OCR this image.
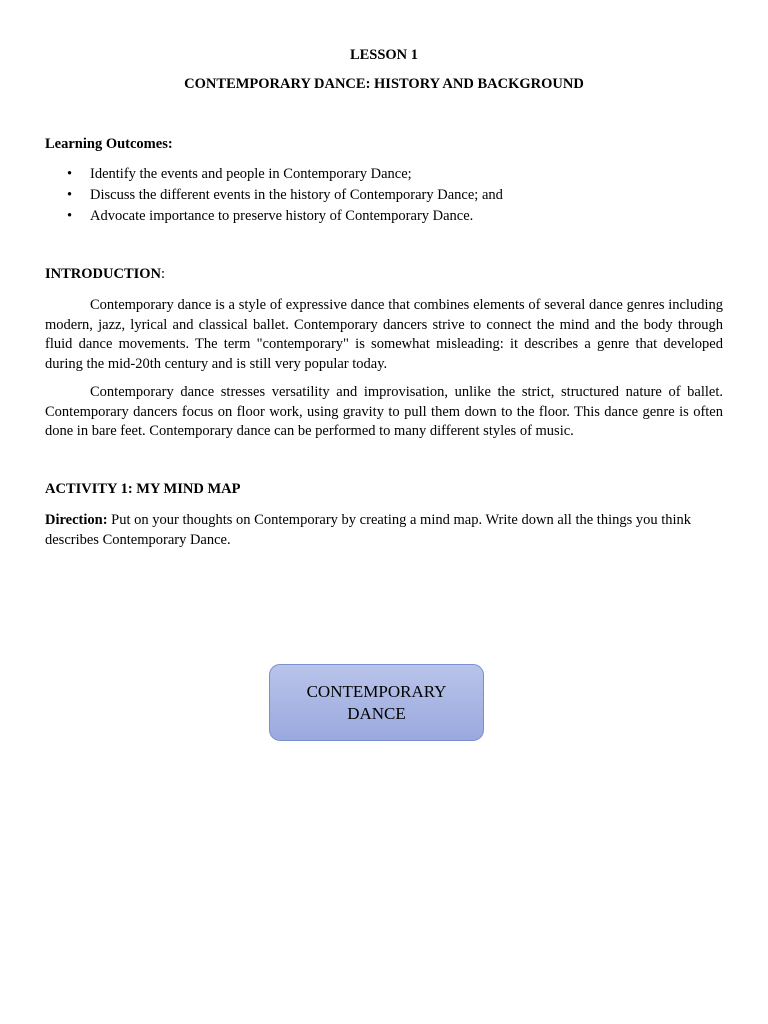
LESSON 1
CONTEMPORARY DANCE: HISTORY AND BACKGROUND
Learning Outcomes:
• Identify the events and people in Contemporary Dance;
• Discuss the different events in the history of Contemporary Dance; and
• Advocate importance to preserve history of Contemporary Dance.
INTRODUCTION:
Contemporary dance is a style of expressive dance that combines elements of several dance genres including modern, jazz, lyrical and classical ballet. Contemporary dancers strive to connect the mind and the body through fluid dance movements. The term "contemporary" is somewhat misleading: it describes a genre that developed during the mid-20th century and is still very popular today.
Contemporary dance stresses versatility and improvisation, unlike the strict, structured nature of ballet. Contemporary dancers focus on floor work, using gravity to pull them down to the floor. This dance genre is often done in bare feet. Contemporary dance can be performed to many different styles of music.
ACTIVITY 1: MY MIND MAP
Direction: Put on your thoughts on Contemporary by creating a mind map. Write down all the things you think describes Contemporary Dance.
CONTEMPORARY
DANCE
